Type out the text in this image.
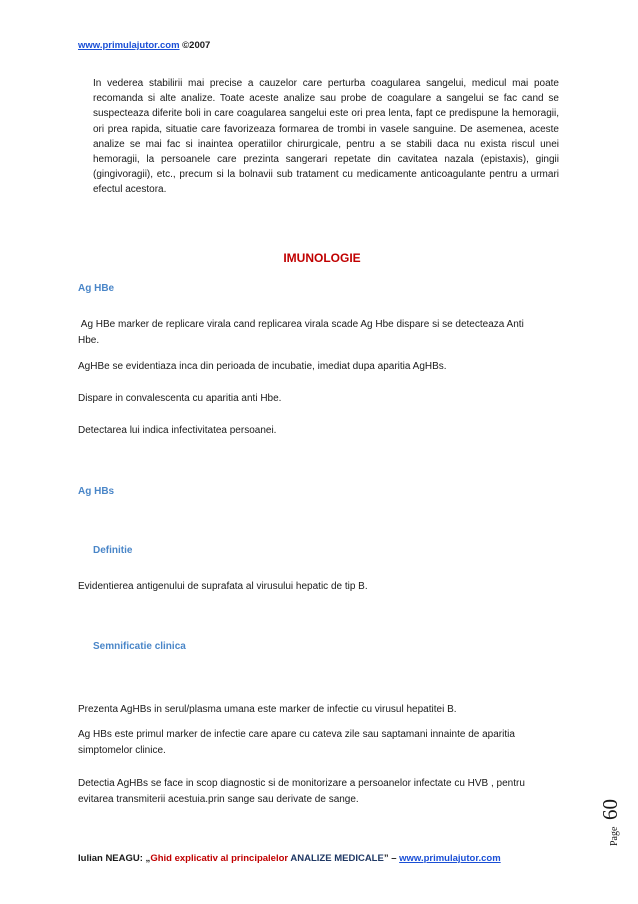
www.primulajutor.com ©2007

In vederea stabilirii mai precise a cauzelor care perturba coagularea sangelui, medicul mai poate recomanda si alte analize. Toate aceste analize sau probe de coagulare a sangelui se fac cand se suspecteaza diferite boli in care coagularea sangelui este ori prea lenta, fapt ce predispune la hemoragii, ori prea rapida, situatie care favorizeaza formarea de trombi in vasele sanguine. De asemenea, aceste analize se mai fac si inaintea operatiilor chirurgicale, pentru a se stabili daca nu exista riscul unei hemoragii, la persoanele care prezinta sangerari repetate din cavitatea nazala (epistaxis), gingii (gingivoragii), etc., precum si la bolnavii sub tratament cu medicamente anticoagulante pentru a urmari efectul acestora.

IMUNOLOGIE
Ag HBe

Ag HBe marker de replicare virala cand replicarea virala scade Ag Hbe dispare si se detecteaza Anti Hbe.

AgHBe se evidentiaza inca din perioada de incubatie, imediat dupa aparitia AgHBs.

Dispare in convalescenta cu aparitia anti Hbe.

Detectarea lui indica infectivitatea persoanei.

Ag HBs
Definitie

Evidentierea antigenului de suprafata al virusului hepatic de tip B.

Semnificatie clinica

Prezenta AgHBs in serul/plasma umana este marker de infectie cu virusul hepatitei B.

Ag HBs este primul marker de infectie care apare cu cateva zile sau saptamani innainte de aparitia simptomelor clinice.

Detectia AgHBs se face in scop diagnostic si de monitorizare a persoanelor infectate cu HVB , pentru evitarea transmiterii acestuia.prin sange sau derivate de sange.

Page
60
Iulian NEAGU: „Ghid explicativ al principalelor ANALIZE MEDICALE” – www.primulajutor.com
